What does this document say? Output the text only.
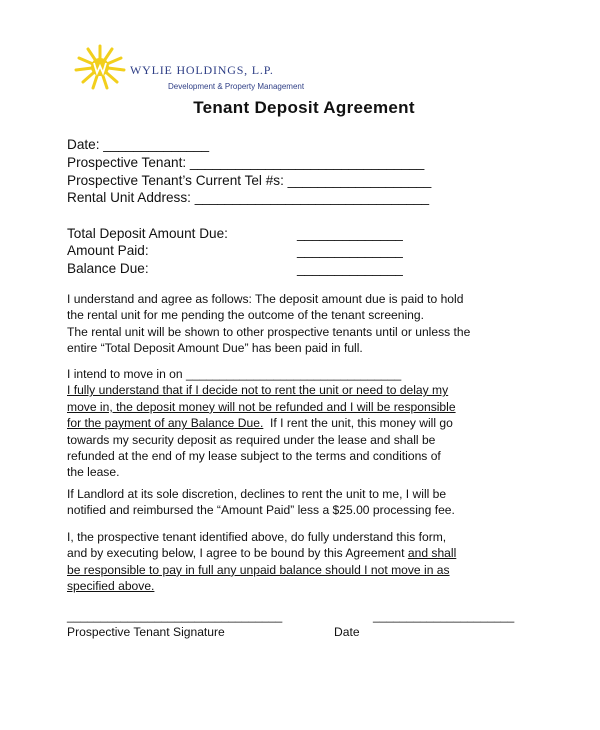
WYLIE HOLDINGS, L.P.
Development & Property Management
Tenant Deposit Agreement
Date: ______________
Prospective Tenant: _______________________________
Prospective Tenant’s Current Tel #s: ___________________
Rental Unit Address: _______________________________
Total Deposit Amount Due:	______________
Amount Paid:	______________
Balance Due:	______________
I understand and agree as follows: The deposit amount due is paid to hold
the rental unit for me pending the outcome of the tenant screening.
The rental unit will be shown to other prospective tenants until or unless the
entire “Total Deposit Amount Due” has been paid in full.
I intend to move in on ________________________________
I fully understand that if I decide not to rent the unit or need to delay my
move in, the deposit money will not be refunded and I will be responsible
for the payment of any Balance Due.  If I rent the unit, this money will go
towards my security deposit as required under the lease and shall be
refunded at the end of my lease subject to the terms and conditions of
the lease.
If Landlord at its sole discretion, declines to rent the unit to me, I will be
notified and reimbursed the “Amount Paid” less a $25.00 processing fee.
I, the prospective tenant identified above, do fully understand this form,
and by executing below, I agree to be bound by this Agreement and shall
be responsible to pay in full any unpaid balance should I not move in as
specified above.
________________________________	_____________________
Prospective Tenant Signature	Date
